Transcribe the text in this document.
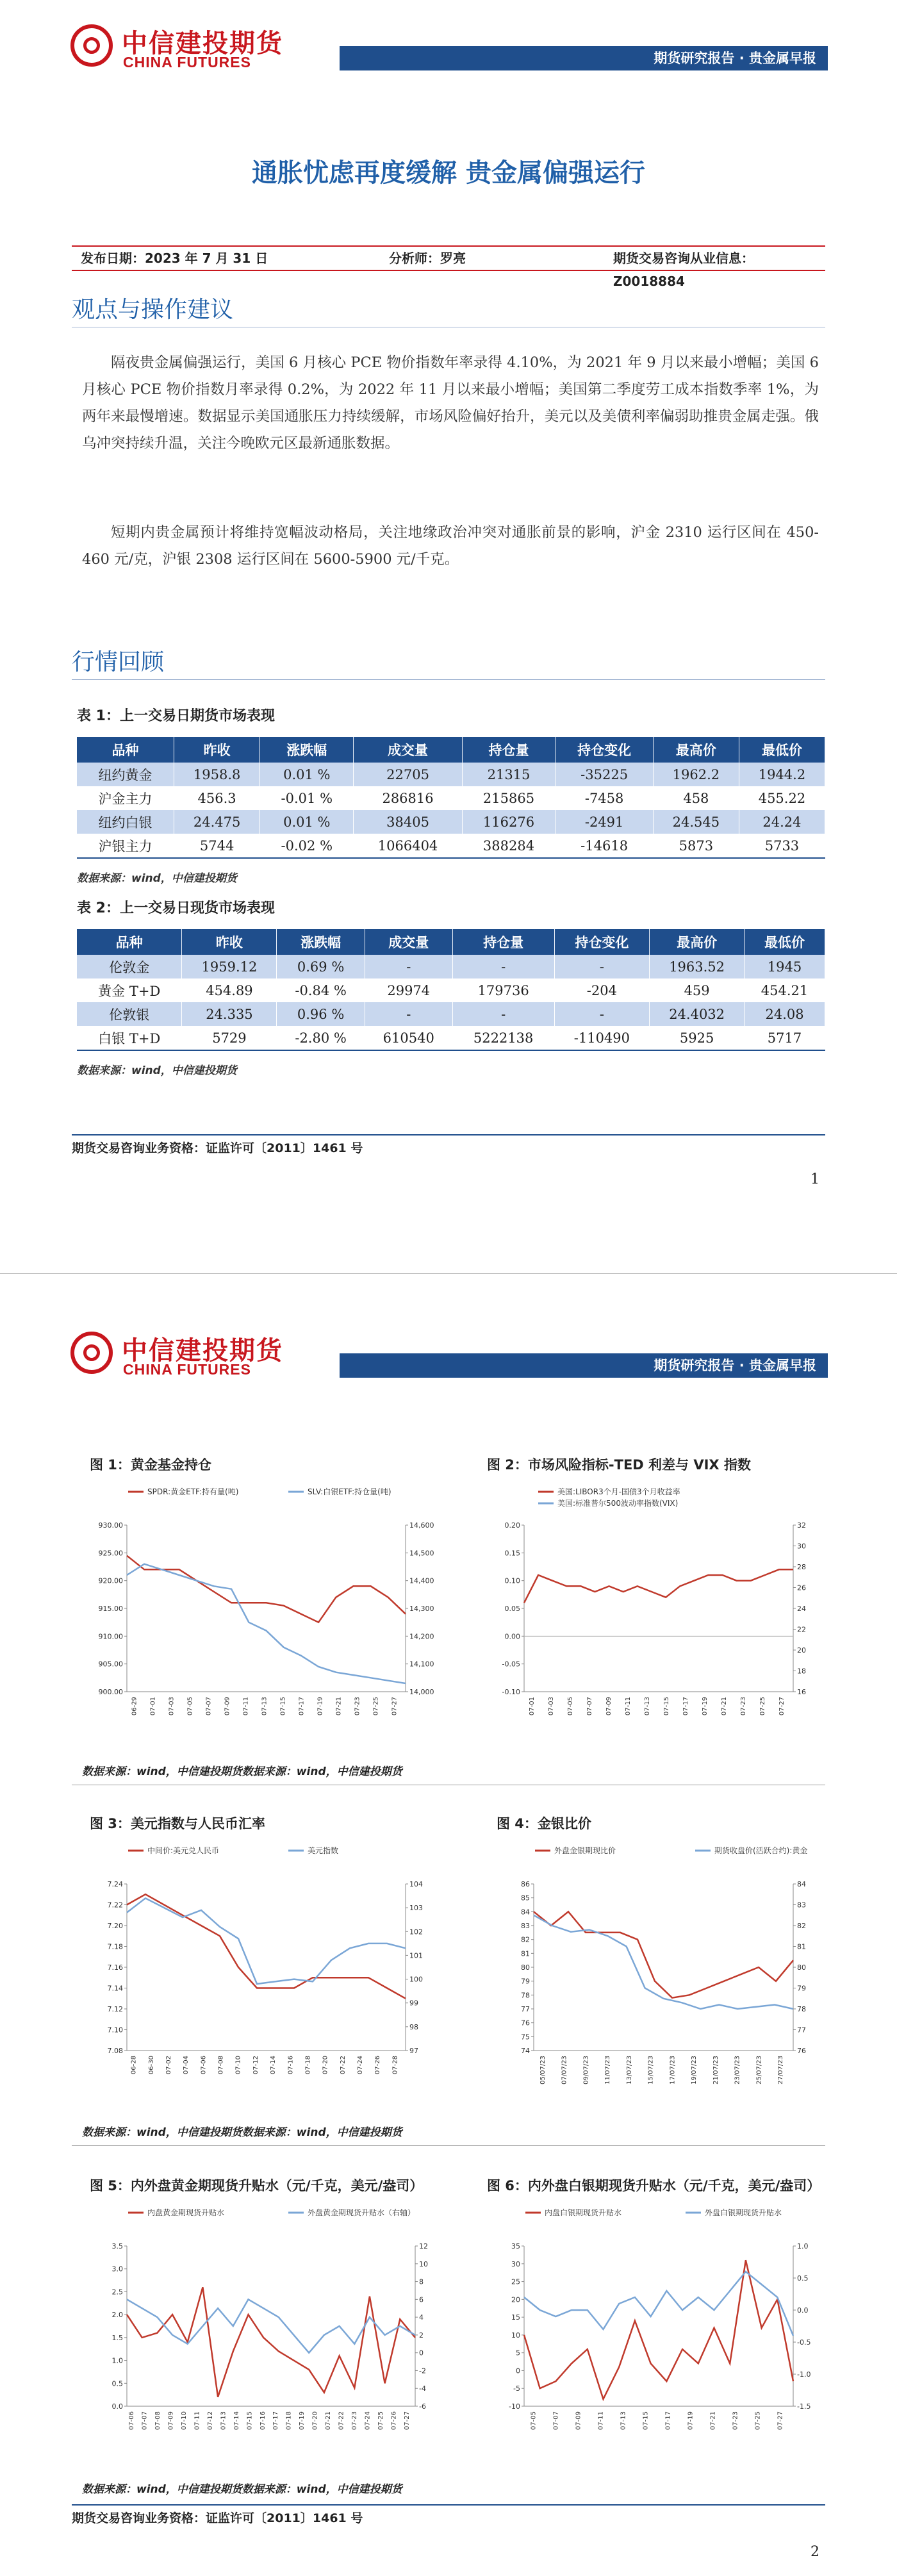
中信建投期货
CHINA FUTURES	期货研究报告 · 贵金属早报
通胀忧虑再度缓解 贵金属偏强运行
发布日期：2023 年 7 月 31 日	分析师：罗亮	期货交易咨询从业信息：Z0018884
观点与操作建议
隔夜贵金属偏强运行，美国 6 月核心 PCE 物价指数年率录得 4.10%，为 2021 年 9 月以来最小增幅；美国 6 月核心 PCE 物价指数月率录得 0.2%，为 2022 年 11 月以来最小增幅；美国第二季度劳工成本指数季率 1%，为两年来最慢增速。数据显示美国通胀压力持续缓解，市场风险偏好抬升，美元以及美债利率偏弱助推贵金属走强。俄乌冲突持续升温，关注今晚欧元区最新通胀数据。
短期内贵金属预计将维持宽幅波动格局，关注地缘政治冲突对通胀前景的影响，沪金 2310 运行区间在 450-460 元/克，沪银 2308 运行区间在 5600-5900 元/千克。
行情回顾
表 1：上一交易日期货市场表现
品种	昨收	涨跌幅	成交量	持仓量	持仓变化	最高价	最低价
纽约黄金	1958.8	0.01 %	22705	21315	-35225	1962.2	1944.2
沪金主力	456.3	-0.01 %	286816	215865	-7458	458	455.22
纽约白银	24.475	0.01 %	38405	116276	-2491	24.545	24.24
沪银主力	5744	-0.02 %	1066404	388284	-14618	5873	5733
数据来源：wind，中信建投期货
表 2：上一交易日现货市场表现
品种	昨收	涨跌幅	成交量	持仓量	持仓变化	最高价	最低价
伦敦金	1959.12	0.69 %	-	-	-	1963.52	1945
黄金 T+D	454.89	-0.84 %	29974	179736	-204	459	454.21
伦敦银	24.335	0.96 %	-	-	-	24.4032	24.08
白银 T+D	5729	-2.80 %	610540	5222138	-110490	5925	5717
数据来源：wind，中信建投期货
期货交易咨询业务资格：证监许可〔2011〕1461 号
1
中信建投期货
CHINA FUTURES	期货研究报告 · 贵金属早报
图 1：黄金基金持仓
SPDR:黄金ETF:持有量(吨)	SLV:白银ETF:持仓量(吨)
900.00
905.00
910.00
915.00
920.00
925.00
930.00
14,000
14,100
14,200
14,300
14,400
14,500
14,600
06-29 07-01 07-03 07-05 07-07 07-09 07-11 07-13 07-15 07-17 07-19 07-21 07-23 07-25 07-27
图 2：市场风险指标-TED 利差与 VIX 指数
美国:LIBOR3个月-国债3个月收益率
美国:标准普尔500波动率指数(VIX)
-0.10
-0.05
0.00
0.05
0.10
0.15
0.20
16
18
20
22
24
26
28
30
32
07-01 07-03 07-05 07-07 07-09 07-11 07-13 07-15 07-17 07-19 07-21 07-23 07-25 07-27
数据来源：wind，中信建投期货数据来源：wind，中信建投期货
图 3：美元指数与人民币汇率
中间价:美元兑人民币	美元指数
7.08
7.10
7.12
7.14
7.16
7.18
7.20
7.22
7.24
97
98
99
100
101
102
103
104
06-28 06-30 07-02 07-04 07-06 07-08 07-10 07-12 07-14 07-16 07-18 07-20 07-22 07-24 07-26 07-28
图 4：金银比价
外盘金银期现比价	期货收盘价(活跃合约):黄金
74
75
76
77
78
79
80
81
82
83
84
85
86
76
77
78
79
80
81
82
83
84
05/07/23 07/07/23 09/07/23 11/07/23 13/07/23 15/07/23 17/07/23 19/07/23 21/07/23 23/07/23 25/07/23 27/07/23
数据来源：wind，中信建投期货数据来源：wind，中信建投期货
图 5：内外盘黄金期现货升贴水（元/千克，美元/盎司）
内盘黄金期现货升贴水	外盘黄金期现货升贴水（右轴）
0.0
0.5
1.0
1.5
2.0
2.5
3.0
3.5
-6
-4
-2
0
2
4
6
8
10
12
07-06 07-07 07-08 07-09 07-10 07-11 07-12 07-13 07-14 07-15 07-16 07-17 07-18 07-19 07-20 07-21 07-22 07-23 07-24 07-25 07-26 07-27
图 6：内外盘白银期现货升贴水（元/千克，美元/盎司）
内盘白银期现货升贴水	外盘白银期现货升贴水
-10
-5
0
5
10
15
20
25
30
35
-1.5
-1.0
-0.5
0.0
0.5
1.0
07-05 07-07 07-09 07-11 07-13 07-15 07-17 07-19 07-21 07-23 07-25 07-27
数据来源：wind，中信建投期货数据来源：wind，中信建投期货
期货交易咨询业务资格：证监许可〔2011〕1461 号
2
